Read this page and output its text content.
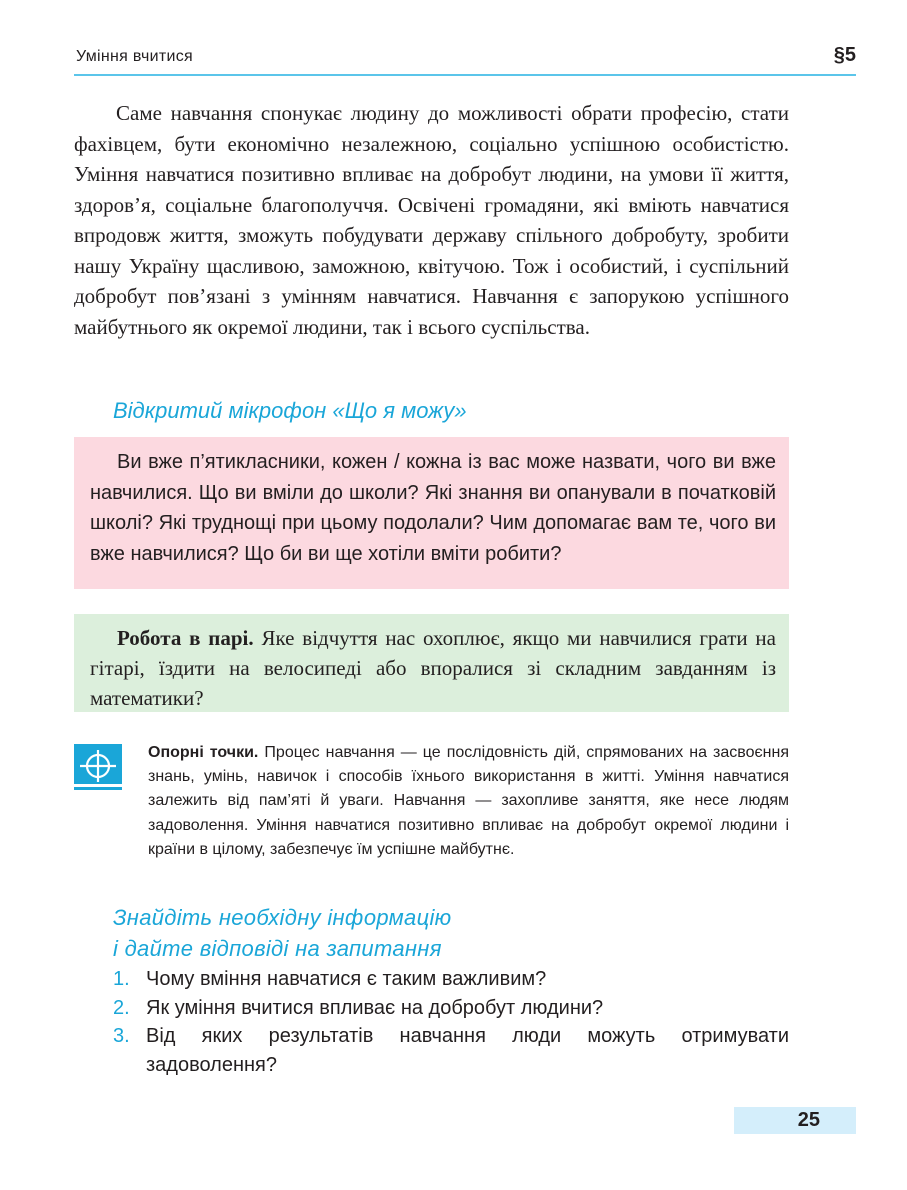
Уміння вчитися	§5

Саме навчання спонукає людину до можливості обрати професію, стати фахівцем, бути економічно незалежною, соціально успішною особистістю. Уміння навчатися позитивно впливає на добробут людини, на умови її життя, здоров’я, соціальне благополуччя. Освічені громадяни, які вміють навчатися впродовж життя, зможуть побудувати державу спільного добробуту, зробити нашу Україну щасливою, заможною, квітучою. Тож і особистий, і суспільний добробут пов’язані з умінням навчатися. Навчання є запорукою успішного майбутнього як окремої людини, так і всього суспільства.

Відкритий мікрофон «Що я можу»

Ви вже п’ятикласники, кожен / кожна із вас може назвати, чого ви вже навчилися. Що ви вміли до школи? Які знання ви опанували в початковій школі? Які труднощі при цьому подолали? Чим допомагає вам те, чого ви вже навчилися? Що би ви ще хотіли вміти робити?

Робота в парі. Яке відчуття нас охоплює, якщо ми навчилися грати на гітарі, їздити на велосипеді або впоралися зі складним завданням із математики?

Опорні точки. Процес навчання — це послідовність дій, спрямованих на засвоєння знань, умінь, навичок і способів їхнього використання в житті. Уміння навчатися залежить від пам’яті й уваги. Навчання — захопливе заняття, яке несе людям задоволення. Уміння навчатися позитивно впливає на добробут окремої людини і країни в цілому, забезпечує їм успішне майбутнє.

Знайдіть необхідну інформацію
і дайте відповіді на запитання
1. Чому вміння навчатися є таким важливим?
2. Як уміння вчитися впливає на добробут людини?
3. Від яких результатів навчання люди можуть отримувати задоволення?
25
